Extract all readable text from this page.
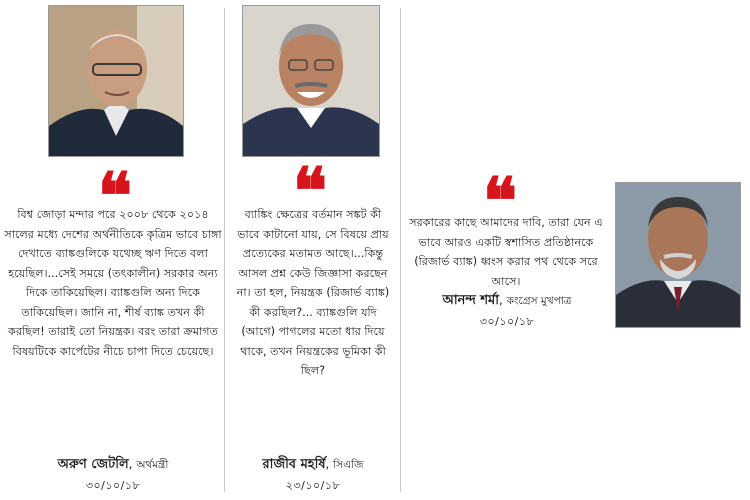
❝
বিশ্ব জোড়া মন্দার পরে ২০০৮ থেকে ২০১৪ সালের মধ্যে দেশের অর্থনীতিকে কৃত্রিম ভাবে চাঙ্গা দেখাতে ব্যাঙ্কগুলিকে যথেচ্ছ ঋণ দিতে বলা হয়েছিল।...সেই সময়ে (তৎকালীন) সরকার অন্য দিকে তাকিয়েছিল। ব্যাঙ্কগুলি অন্য দিকে তাকিয়েছিল। জানি না, শীর্ষ ব্যাঙ্ক তখন কী করছিল! তারাই তো নিয়ন্ত্রক। বরং তারা ক্রমাগত বিষয়টিকে কার্পেটের নীচে চাপা দিতে চেয়েছে।
অরুণ জেটলি, অর্থমন্ত্রী
৩০/১০/১৮
❝
ব্যাঙ্কিং ক্ষেত্রের বর্তমান সঙ্কট কী ভাবে কাটানো যায়, সে বিষয়ে প্রায় প্রত্যেকের মতামত আছে।...কিন্তু আসল প্রশ্ন কেউ জিজ্ঞাসা করছেন না। তা হল, নিয়ন্ত্রক (রিজার্ভ ব্যাঙ্ক) কী করছিল?... ব্যাঙ্কগুলি যদি (আগে) পাগলের মতো ধার দিয়ে থাকে, তখন নিয়ন্ত্রকের ভূমিকা কী ছিল?
রাজীব মহর্ষি, সিএজি
২৩/১০/১৮
❝
সরকারের কাছে আমাদের দাবি, তারা যেন এ ভাবে আরও একটি স্বশাসিত প্রতিষ্ঠানকে (রিজার্ভ ব্যাঙ্ক) ধ্বংস করার পথ থেকে সরে আসে।
আনন্দ শর্মা, কংগ্রেস মুখপাত্র
৩০/১০/১৮
